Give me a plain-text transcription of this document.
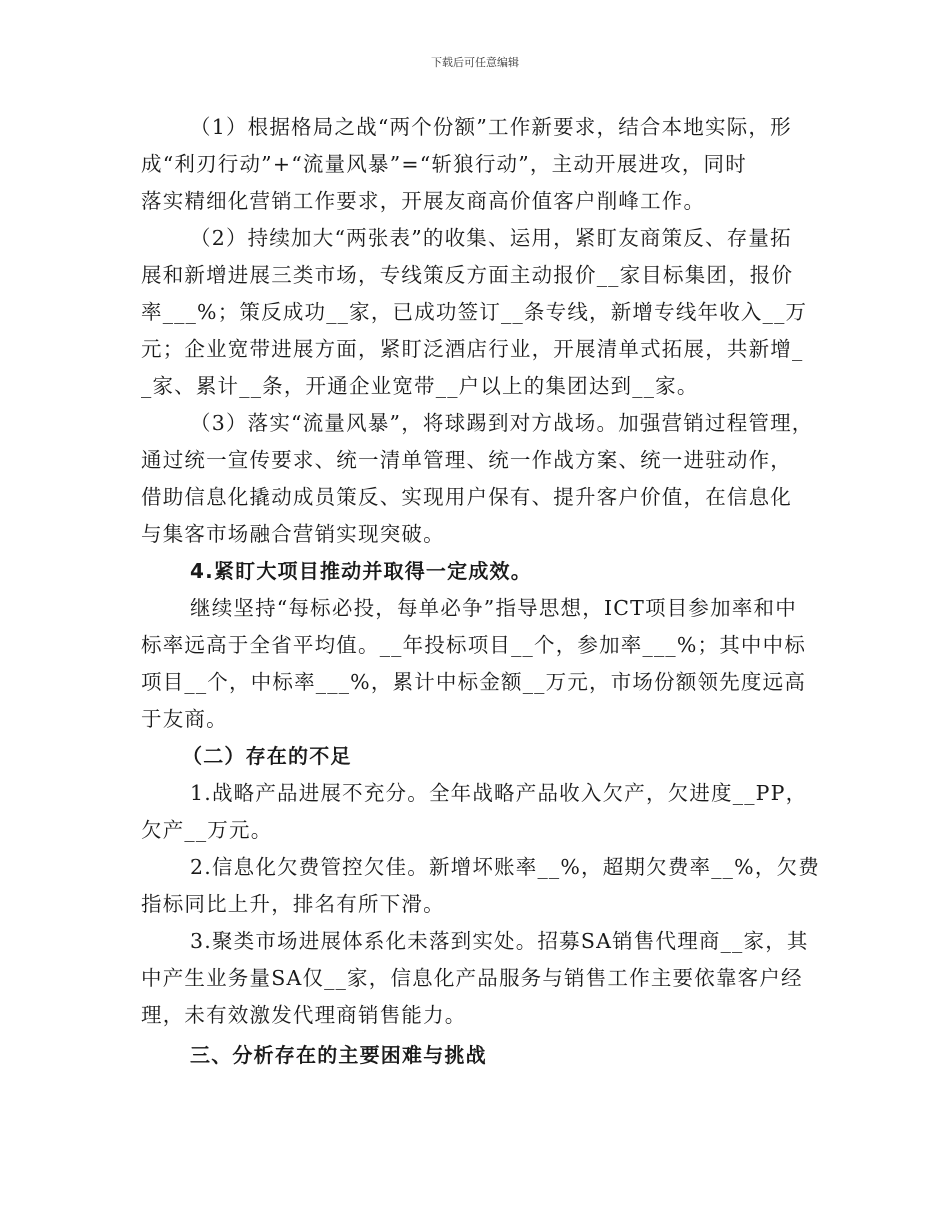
下载后可任意编辑
（1）根据格局之战“两个份额”工作新要求，结合本地实际，形
成“利刃行动”+“流量风暴”=“斩狼行动”，主动开展进攻，同时
落实精细化营销工作要求，开展友商高价值客户削峰工作。
（2）持续加大“两张表”的收集、运用，紧盯友商策反、存量拓
展和新增进展三类市场，专线策反方面主动报价__家目标集团，报价
率___%；策反成功__家，已成功签订__条专线，新增专线年收入__万
元；企业宽带进展方面，紧盯泛酒店行业，开展清单式拓展，共新增_
_家、累计__条，开通企业宽带__户以上的集团达到__家。
（3）落实“流量风暴”，将球踢到对方战场。加强营销过程管理，
通过统一宣传要求、统一清单管理、统一作战方案、统一进驻动作，
借助信息化撬动成员策反、实现用户保有、提升客户价值，在信息化
与集客市场融合营销实现突破。
4.紧盯大项目推动并取得一定成效。
继续坚持“每标必投，每单必争”指导思想，ICT项目参加率和中
标率远高于全省平均值。__年投标项目__个，参加率___%；其中中标
项目__个，中标率___%，累计中标金额__万元，市场份额领先度远高
于友商。
（二）存在的不足
1.战略产品进展不充分。全年战略产品收入欠产，欠进度__PP，
欠产__万元。
2.信息化欠费管控欠佳。新增坏账率__%，超期欠费率__%，欠费
指标同比上升，排名有所下滑。
3.聚类市场进展体系化未落到实处。招募SA销售代理商__家，其
中产生业务量SA仅__家，信息化产品服务与销售工作主要依靠客户经
理，未有效激发代理商销售能力。
三、分析存在的主要困难与挑战
